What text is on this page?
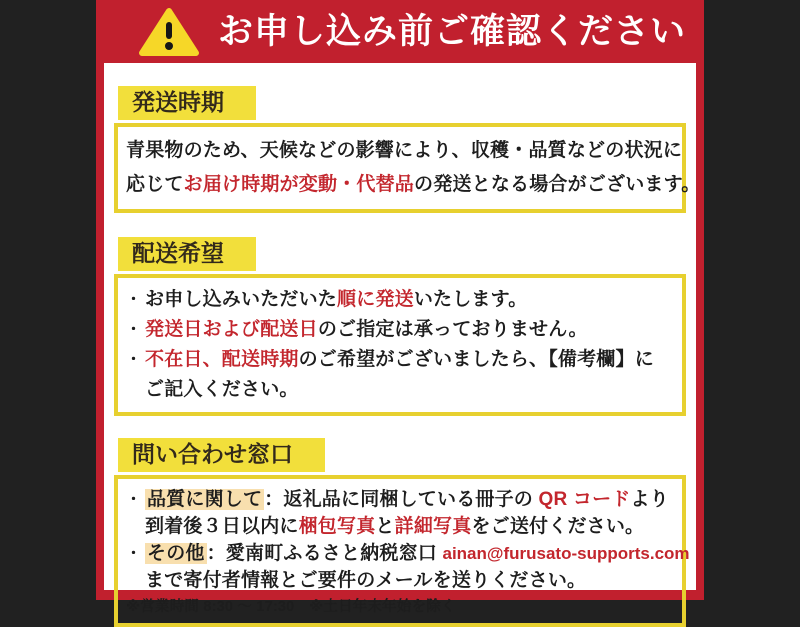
お申し込み前ご確認ください
発送時期
青果物のため、天候などの影響により、収穫・品質などの状況に
応じてお届け時期が変動・代替品の発送となる場合がございます。
配送希望
・ お申し込みいただいた順に発送いたします。
・ 発送日および配送日のご指定は承っておりません。
・ 不在日、配送時期のご希望がございましたら、【備考欄】に
ご記入ください。
問い合わせ窓口
・ 品質に関して ：返礼品に同梱している冊子の QR コードより
到着後３日以内に梱包写真と詳細写真をご送付ください。
・ その他 ：愛南町ふるさと納税窓口 ainan@furusato-supports.com
まで寄付者情報とご要件のメールを送りください。
※営業時間 8:30 ～ 17:30　※土日年末年始を除く
